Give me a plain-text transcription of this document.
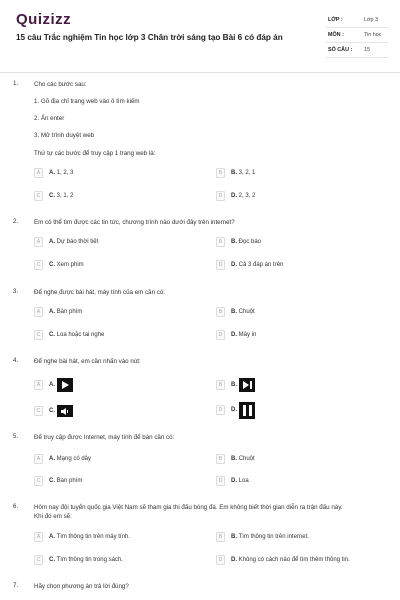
Quizizz
15 câu Trắc nghiệm Tin học lớp 3 Chân trời sáng tạo Bài 6 có đáp án
LỚP :	Lớp 3
MÔN :	Tin học
SỐ CÂU : 15
1.	Cho các bước sau:
1. Gõ địa chỉ trang web vào ô tìm kiếm
2. Ấn enter
3. Mở trình duyệt web
Thứ tự các bước để truy cập 1 trang web là:
A	A. 1, 2, 3	B	B. 3, 2, 1
C	C. 3, 1, 2	D	D. 2, 3, 2
2.	Em có thể tìm được các tin tức, chương trình nào dưới đây trên internet?
A	A. Dự báo thời tiết	B	B. Đọc báo
C	C. Xem phim	D	D. Cả 3 đáp án trên
3.	Để nghe được bài hát, máy tính của em cần có:
A	A. Bàn phím	B	B. Chuột
C	C. Loa hoặc tai nghe	D	D. Máy in
4.	Để nghe bài hát, em cần nhấn vào nút:
A	A.	B	B.
C	C.	D	D.
5.	Để truy cập được Internet, máy tính để bàn cần có:
A	A. Mạng có dây	B	B. Chuột
C	C. Bàn phím	D	D. Loa
6.	Hôm nay đội tuyển quốc gia Việt Nam sẽ tham gia thi đấu bóng đá. Em không biết thời gian diễn ra trận đấu này.
Khi đó em sẽ:
A	A. Tìm thông tin trên máy tính.	B	B. Tìm thông tin trên internet.
C	C. Tìm thông tin trong sách.	D	D. Không có cách nào để tìm thêm thông tin.
7.	Hãy chọn phương án trả lời đúng?
